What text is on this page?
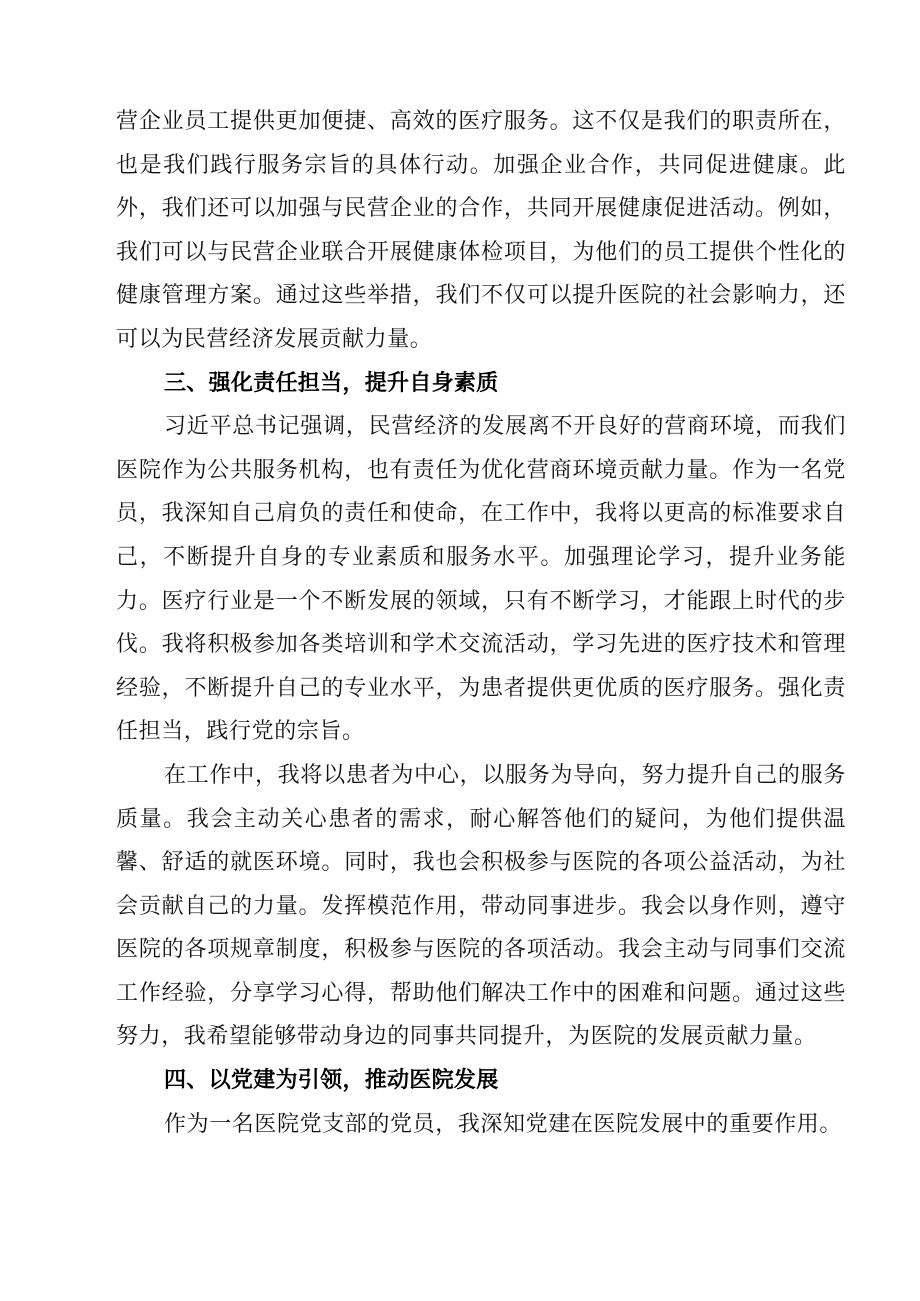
营企业员工提供更加便捷、高效的医疗服务。这不仅是我们的职责所在，也是我们践行服务宗旨的具体行动。加强企业合作，共同促进健康。此外，我们还可以加强与民营企业的合作，共同开展健康促进活动。例如，我们可以与民营企业联合开展健康体检项目，为他们的员工提供个性化的健康管理方案。通过这些举措，我们不仅可以提升医院的社会影响力，还可以为民营经济发展贡献力量。

三、强化责任担当，提升自身素质

习近平总书记强调，民营经济的发展离不开良好的营商环境，而我们医院作为公共服务机构，也有责任为优化营商环境贡献力量。作为一名党员，我深知自己肩负的责任和使命，在工作中，我将以更高的标准要求自己，不断提升自身的专业素质和服务水平。加强理论学习，提升业务能力。医疗行业是一个不断发展的领域，只有不断学习，才能跟上时代的步伐。我将积极参加各类培训和学术交流活动，学习先进的医疗技术和管理经验，不断提升自己的专业水平，为患者提供更优质的医疗服务。强化责任担当，践行党的宗旨。

在工作中，我将以患者为中心，以服务为导向，努力提升自己的服务质量。我会主动关心患者的需求，耐心解答他们的疑问，为他们提供温馨、舒适的就医环境。同时，我也会积极参与医院的各项公益活动，为社会贡献自己的力量。发挥模范作用，带动同事进步。我会以身作则，遵守医院的各项规章制度，积极参与医院的各项活动。我会主动与同事们交流工作经验，分享学习心得，帮助他们解决工作中的困难和问题。通过这些努力，我希望能够带动身边的同事共同提升，为医院的发展贡献力量。

四、以党建为引领，推动医院发展

作为一名医院党支部的党员，我深知党建在医院发展中的重要作用。
